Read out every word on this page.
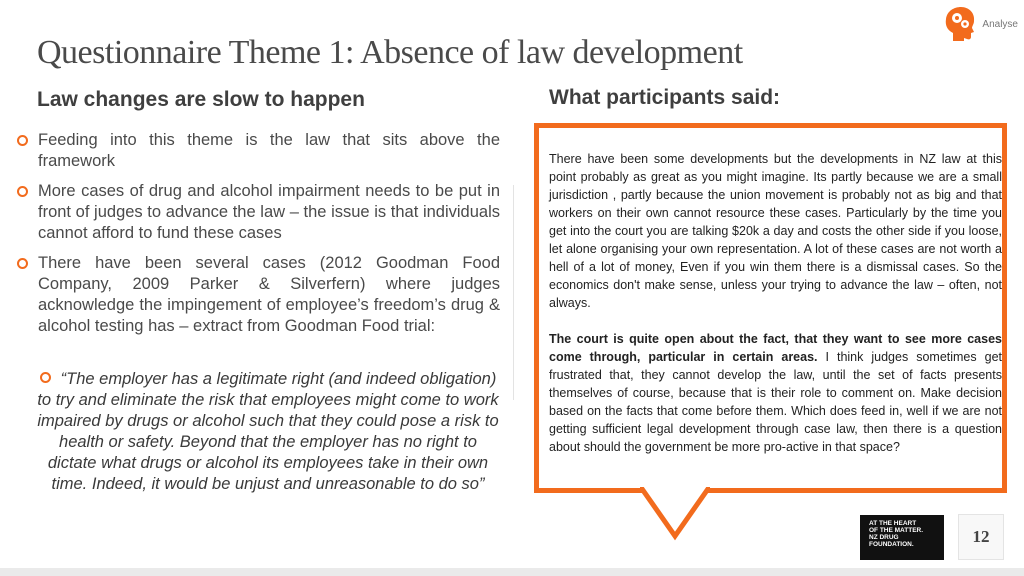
Questionnaire Theme 1: Absence of law development
Analyse
Law changes are slow to happen	What participants said:
Feeding into this theme is the law that sits above the framework
More cases of drug and alcohol impairment needs to be put in front of judges to advance the law – the issue is that individuals cannot afford to fund these cases
There have been several cases (2012 Goodman Food Company, 2009 Parker & Silverfern) where judges acknowledge the impingement of employee’s freedom’s drug & alcohol testing has – extract from Goodman Food trial:

“The employer has a legitimate right (and indeed obligation) to try and eliminate the risk that employees might come to work impaired by drugs or alcohol such that they could pose a risk to health or safety. Beyond that the employer has no right to dictate what drugs or alcohol its employees take in their own time. Indeed, it would be unjust and unreasonable to do so”

There have been some developments but the developments in NZ law at this point probably as great as you might imagine. Its partly because we are a small jurisdiction , partly because the union movement is probably not as big and that workers on their own cannot resource these cases. Particularly by the time you get into the court you are talking $20k a day and costs the other side if you loose, let alone organising your own representation. A lot of these cases are not worth a hell of a lot of money, Even if you win them there is a dismissal cases. So the economics don't make sense, unless your trying to advance the law – often, not always.

The court is quite open about the fact, that they want to see more cases come through, particular in certain areas. I think judges sometimes get frustrated that, they cannot develop the law, until the set of facts presents themselves of course, because that is their role to comment on. Make decision based on the facts that come before them. Which does feed in, well if we are not getting sufficient legal development through case law, then there is a question about should the government be more pro-active in that space?

AT THE HEART
OF THE MATTER.
NZ DRUG
FOUNDATION.	12
